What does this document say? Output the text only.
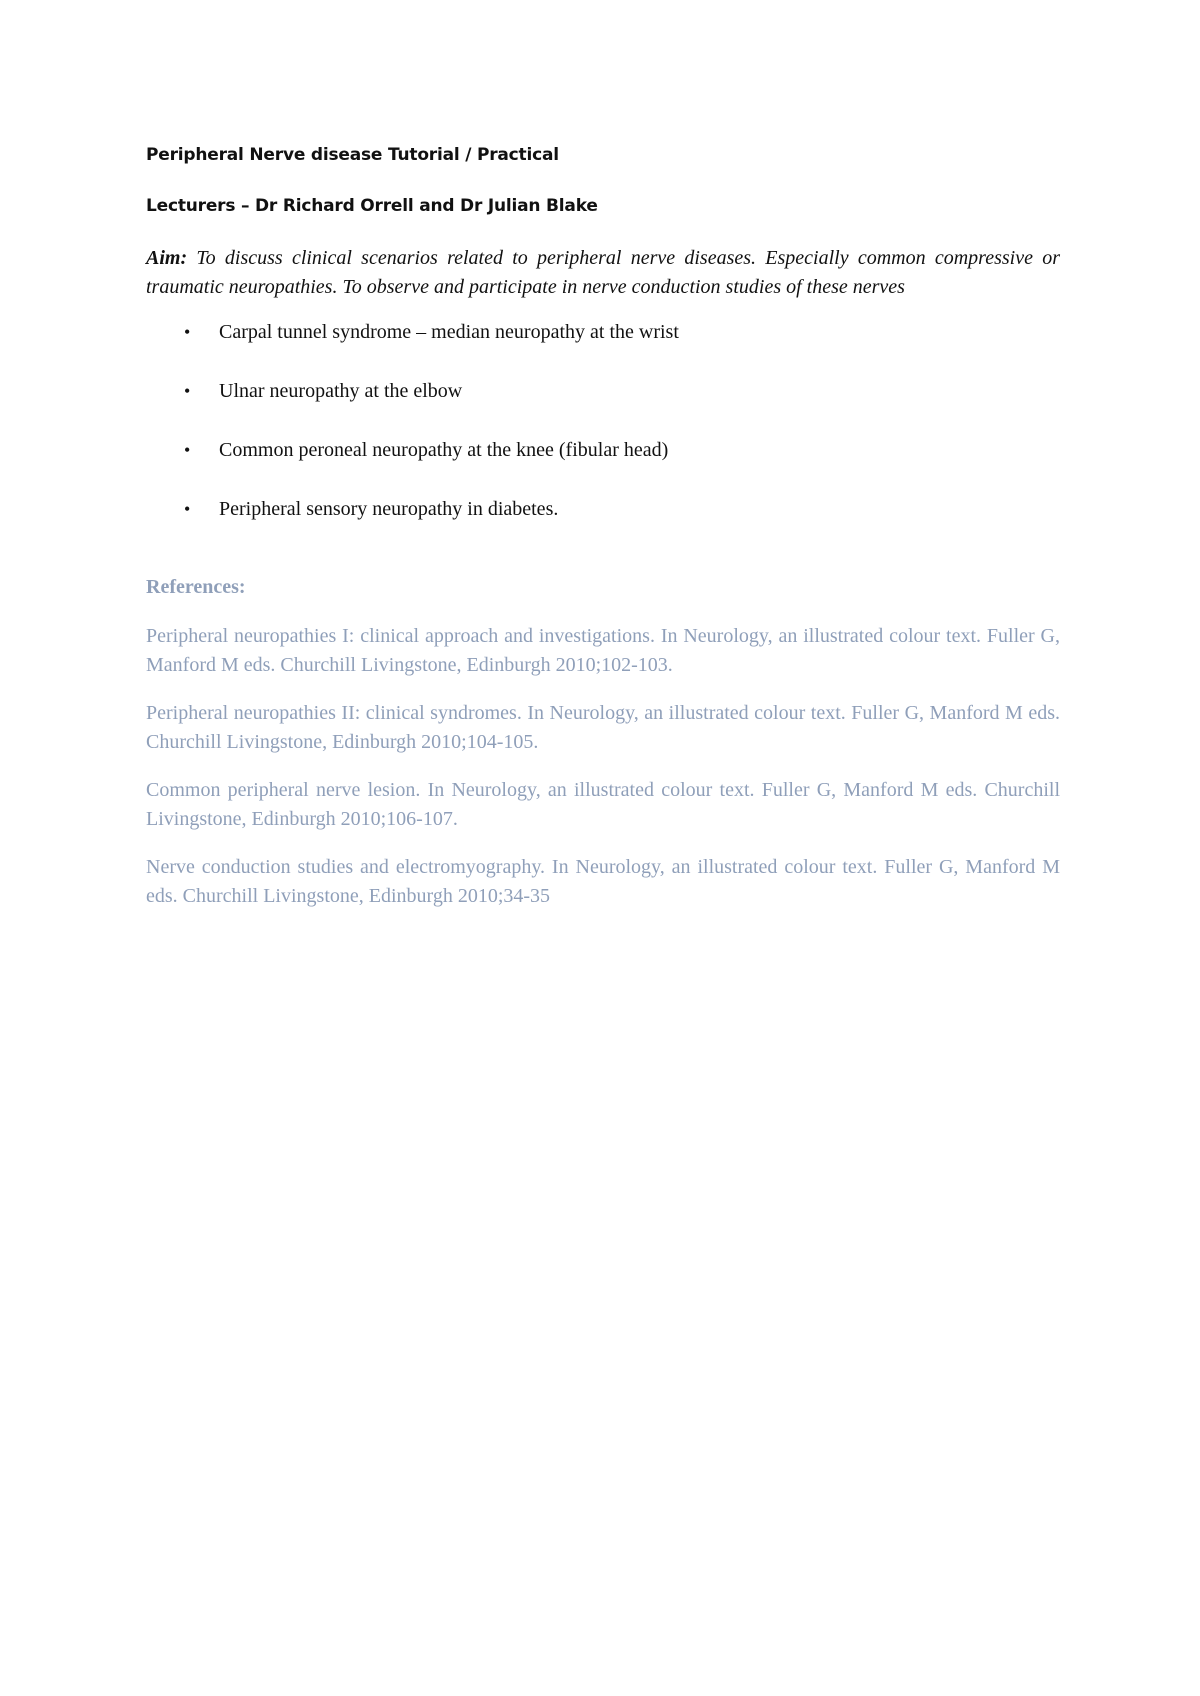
Peripheral Nerve disease Tutorial / Practical

Lecturers – Dr Richard Orrell and Dr Julian Blake

Aim: To discuss clinical scenarios related to peripheral nerve diseases. Especially common compressive or traumatic neuropathies. To observe and participate in nerve conduction studies of these nerves

• Carpal tunnel syndrome – median neuropathy at the wrist
• Ulnar neuropathy at the elbow
• Common peroneal neuropathy at the knee (fibular head)
• Peripheral sensory neuropathy in diabetes.

References:

Peripheral neuropathies I: clinical approach and investigations. In Neurology, an illustrated colour text. Fuller G, Manford M eds. Churchill Livingstone, Edinburgh 2010;102-103.

Peripheral neuropathies II: clinical syndromes. In Neurology, an illustrated colour text. Fuller G, Manford M eds. Churchill Livingstone, Edinburgh 2010;104-105.

Common peripheral nerve lesion. In Neurology, an illustrated colour text. Fuller G, Manford M eds. Churchill Livingstone, Edinburgh 2010;106-107.

Nerve conduction studies and electromyography. In Neurology, an illustrated colour text. Fuller G, Manford M eds. Churchill Livingstone, Edinburgh 2010;34-35
